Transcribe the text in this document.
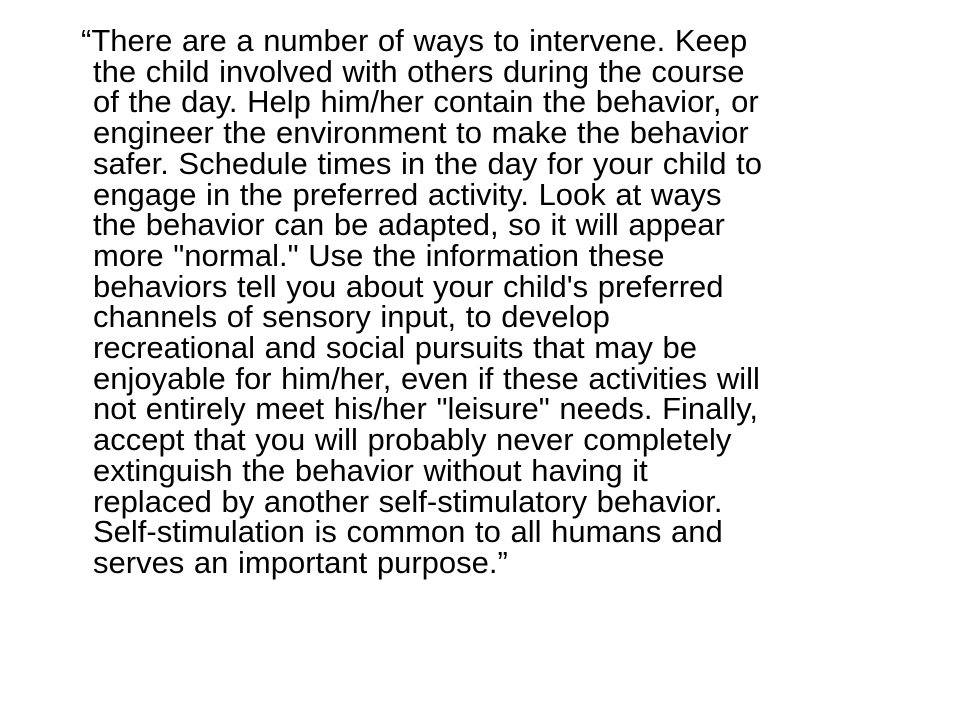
“There are a number of ways to intervene. Keep
the child involved with others during the course
of the day. Help him/her contain the behavior, or
engineer the environment to make the behavior
safer. Schedule times in the day for your child to
engage in the preferred activity. Look at ways
the behavior can be adapted, so it will appear
more "normal." Use the information these
behaviors tell you about your child's preferred
channels of sensory input, to develop
recreational and social pursuits that may be
enjoyable for him/her, even if these activities will
not entirely meet his/her "leisure" needs. Finally,
accept that you will probably never completely
extinguish the behavior without having it
replaced by another self-stimulatory behavior.
Self-stimulation is common to all humans and
serves an important purpose.”
